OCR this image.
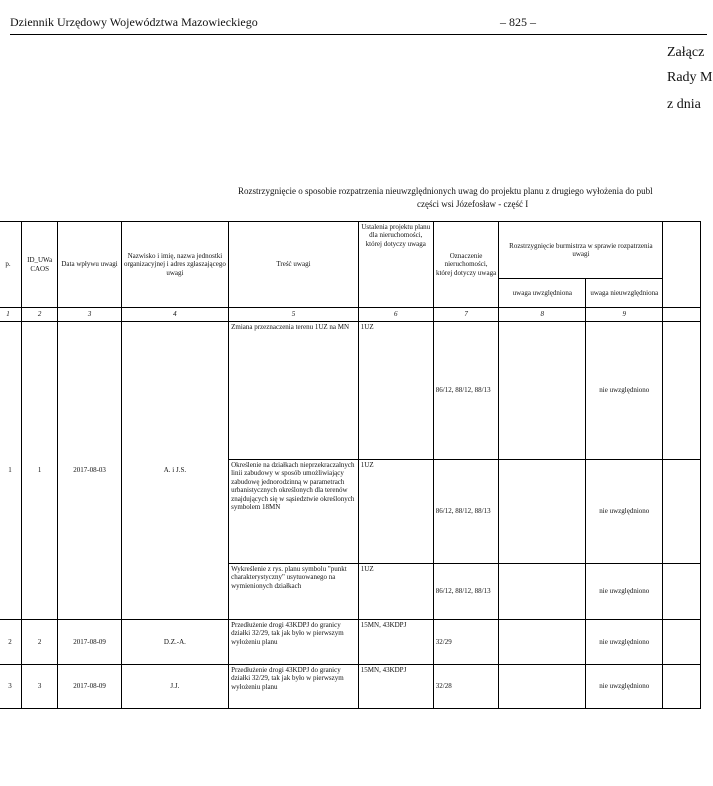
Dziennik Urzędowy Województwa Mazowieckiego	– 825 –
Załącz
Rady M
z dnia
Rozstrzygnięcie o sposobie rozpatrzenia nieuwzględnionych uwag do projektu planu z drugiego wyłożenia do publ
części wsi Józefosław - część I
p.	ID_UWa CAOS	Data wpływu uwagi	Nazwisko i imię, nazwa jednostki organizacyjnej i adres zgłaszającego uwagi	Treść uwagi	Ustalenia projektu planu dla nieruchomości, której dotyczy uwaga	Oznaczenie nieruchomości, której dotyczy uwaga	Rozstrzygnięcie burmistrza w sprawie rozpatrzenia uwagi		
							uwaga uwzględniona	uwaga nieuwzględniona	
1	2	3	4	5	6	7	8	9	
1	1	2017-08-03	A. i J.S.	Zmiana przeznaczenia terenu 1UZ na MN	1UZ	86/12, 88/12, 88/13		nie uwzględniono	
				Określenie na działkach nieprzekraczalnych linii zabudowy w sposób umożliwiający zabudowę jednorodzinną w parametrach urbanistycznych określonych dla terenów znajdujących się w sąsiedztwie określonych symbolem 18MN	1UZ	86/12, 88/12, 88/13		nie uwzględniono	
				Wykreślenie z rys. planu symbolu "punkt charakterystyczny" usytuowanego na wymienionych działkach	1UZ	86/12, 88/12, 88/13		nie uwzględniono	
2	2	2017-08-09	D.Z.-A.	Przedłużenie drogi 43KDPJ do granicy działki 32/29, tak jak było w pierwszym wyłożeniu planu	15MN, 43KDPJ	32/29		nie uwzględniono	
3	3	2017-08-09	J.J.	Przedłużenie drogi 43KDPJ do granicy działki 32/29, tak jak było w pierwszym wyłożeniu planu	15MN, 43KDPJ	32/28		nie uwzględniono	
